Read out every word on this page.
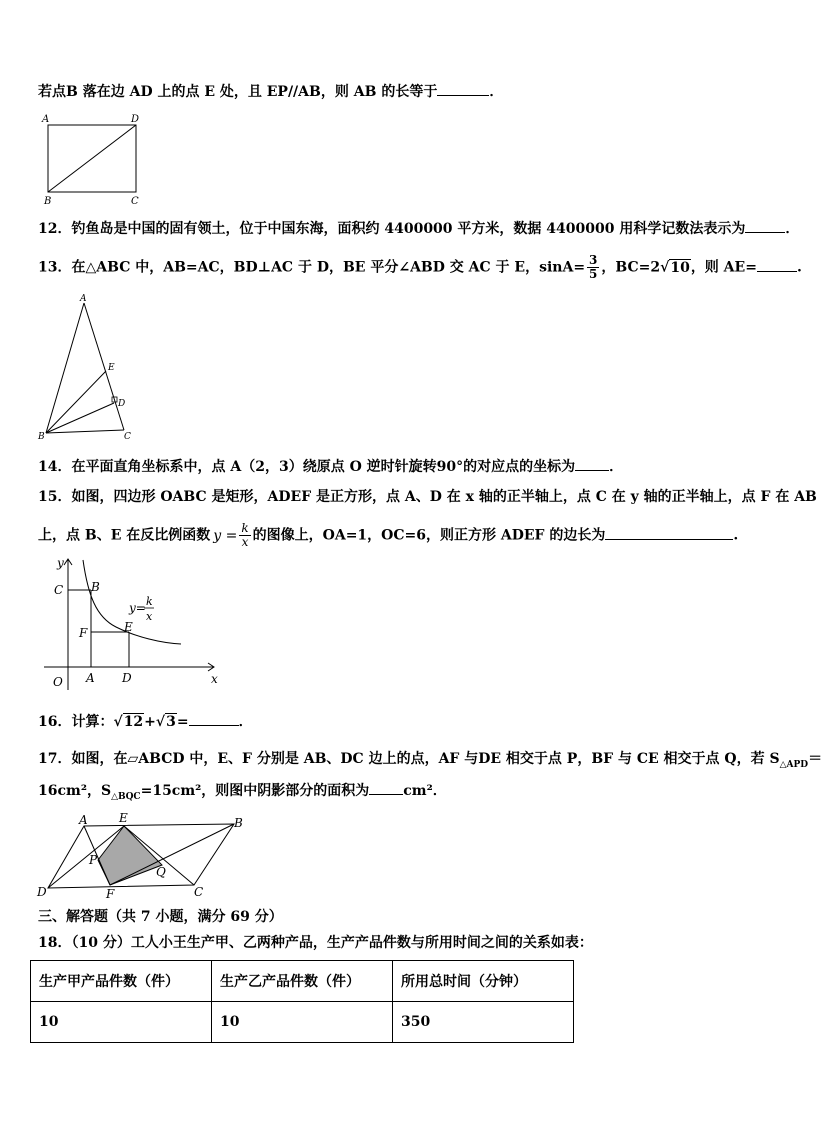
若点B 落在边 AD 上的点 E 处，且 EP//AB，则 AB 的长等于	．
A	D
B	C
12．钓鱼岛是中国的固有领土，位于中国东海，面积约 4400000 平方米，数据 4400000 用科学记数法表示为	．
13．在△ABC 中，AB=AC，BD⊥AC 于 D，BE 平分∠ABD 交 AC 于 E，$\sin A= \frac{3}{5}$ ，BC=2√10，则 AE=	.
A
E
D
B	C
14．在平面直角坐标系中，点 A（2，3）绕原点 O 逆时针旋转90°的对应点的坐标为 ．
15．如图，四边形 OABC 是矩形，ADEF 是正方形，点 A、D 在 x 轴的正半轴上，点 C 在 y 轴的正半轴上，点 F 在 AB
上，点 B、E 在反比例函数 $y = \frac{k}{x}$ 的图像上，OA=1，OC=6，则正方形 ADEF 的边长为	.
y
C B
F	E
O A D	x
y= k
x
16．计算：√12+√3=	．
17．如图，在▱ABCD 中，E、F 分别是 AB、DC 边上的点，AF 与DE 相交于点 P，BF 与 CE 相交于点 Q，若 $S_{\triangle APD}=$
16cm²，$S_{\triangle BQC}=15cm^2$，则图中阴影部分的面积为 cm²．
A	E	B
P
Q
D	F	C
三、解答题（共 7 小题，满分 69 分）
18．（10 分）工人小王生产甲、乙两种产品，生产产品件数与所用时间之间的关系如表：
生产甲产品件数（件）	生产乙产品件数（件）	所用总时间（分钟）
10	10	350
